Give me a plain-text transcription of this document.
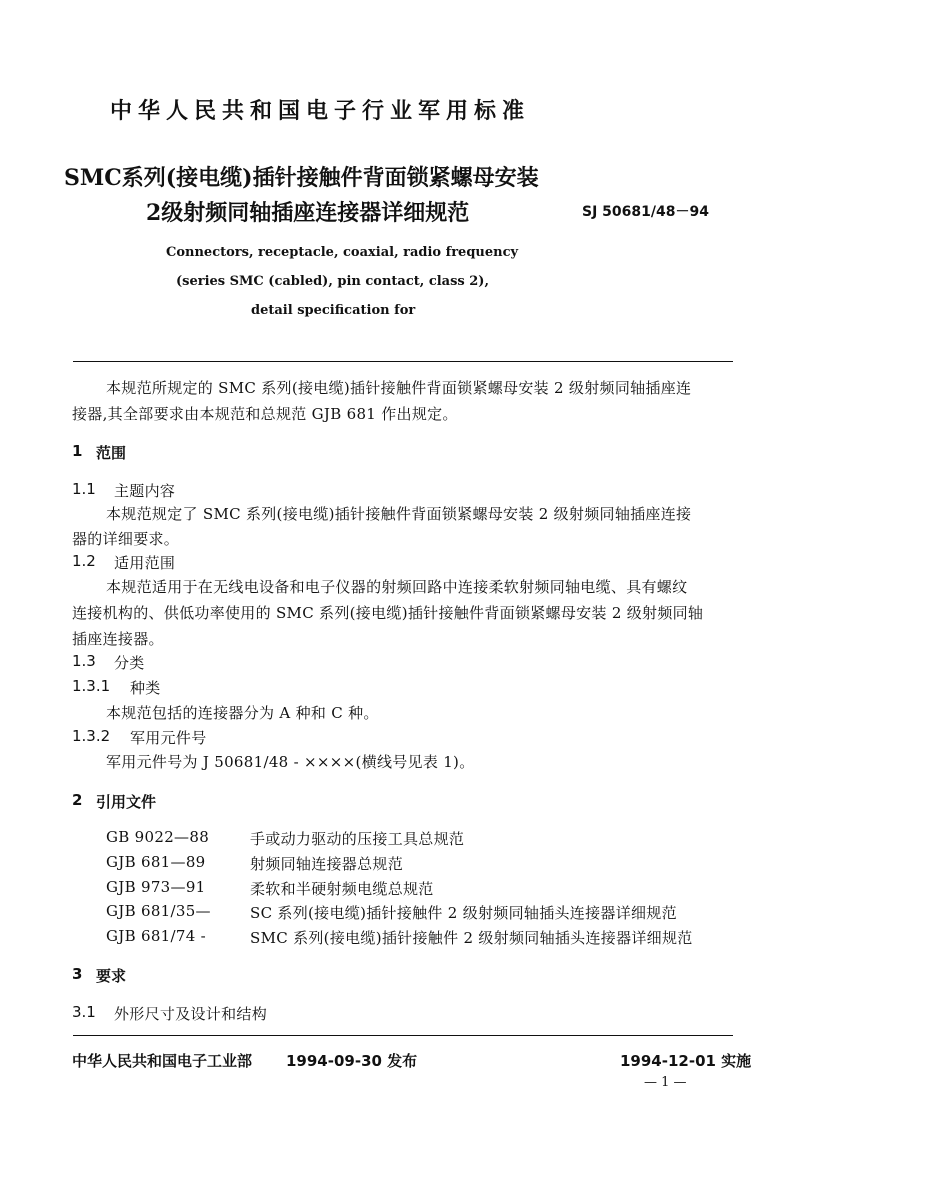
中华人民共和国电子行业军用标准
SMC系列(接电缆)插针接触件背面锁紧螺母安装
2级射频同轴插座连接器详细规范	SJ 50681/48－94
Connectors, receptacle, coaxial, radio frequency
(series SMC (cabled), pin contact, class 2),
detail specification for
本规范所规定的 SMC 系列(接电缆)插针接触件背面锁紧螺母安装 2 级射频同轴插座连
接器,其全部要求由本规范和总规范 GJB 681 作出规定。
1 范围
1.1 主题内容
本规范规定了 SMC 系列(接电缆)插针接触件背面锁紧螺母安装 2 级射频同轴插座连接
器的详细要求。
1.2 适用范围
本规范适用于在无线电设备和电子仪器的射频回路中连接柔软射频同轴电缆、具有螺纹
连接机构的、供低功率使用的 SMC 系列(接电缆)插针接触件背面锁紧螺母安装 2 级射频同轴
插座连接器。
1.3 分类
1.3.1 种类
本规范包括的连接器分为 A 种和 C 种。
1.3.2 军用元件号
军用元件号为 J 50681/48 - ××××(横线号见表 1)。
2 引用文件
GB 9022—88	手或动力驱动的压接工具总规范
GJB 681—89	射频同轴连接器总规范
GJB 973—91	柔软和半硬射频电缆总规范
GJB 681/35—	SC 系列(接电缆)插针接触件 2 级射频同轴插头连接器详细规范
GJB 681/74 -	SMC 系列(接电缆)插针接触件 2 级射频同轴插头连接器详细规范
3 要求
3.1 外形尺寸及设计和结构
中华人民共和国电子工业部 1994-09-30 发布	1994-12-01 实施
— 1 —
